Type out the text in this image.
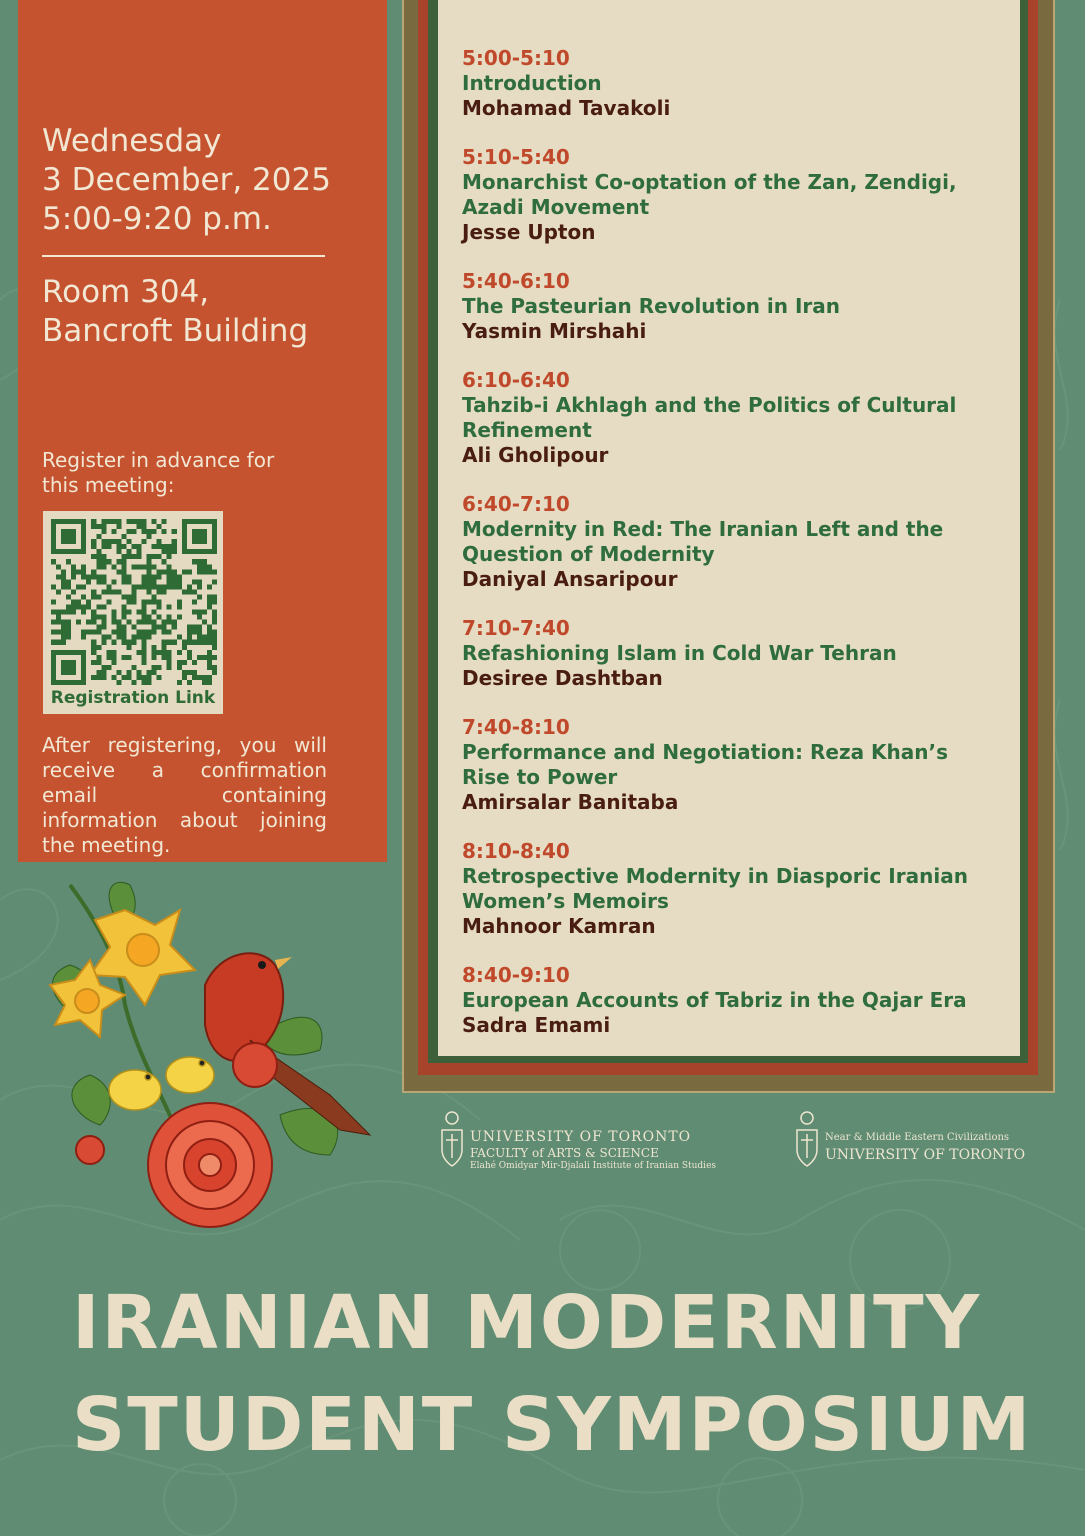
Wednesday
3 December, 2025
5:00-9:20 p.m.
Room 304,
Bancroft Building
Register in advance for this meeting:
Registration Link
After registering, you will receive a confirmation email containing information about joining the meeting.
5:00-5:10
Introduction
Mohamad Tavakoli
5:10-5:40
Monarchist Co-optation of the Zan, Zendigi, Azadi Movement
Jesse Upton
5:40-6:10
The Pasteurian Revolution in Iran
Yasmin Mirshahi
6:10-6:40
Tahzib-i Akhlagh and the Politics of Cultural Refinement
Ali Gholipour
6:40-7:10
Modernity in Red: The Iranian Left and the Question of Modernity
Daniyal Ansaripour
7:10-7:40
Refashioning Islam in Cold War Tehran
Desiree Dashtban
7:40-8:10
Performance and Negotiation: Reza Khan’s Rise to Power
Amirsalar Banitaba
8:10-8:40
Retrospective Modernity in Diasporic Iranian Women’s Memoirs
Mahnoor Kamran
8:40-9:10
European Accounts of Tabriz in the Qajar Era
Sadra Emami
UNIVERSITY OF TORONTO
FACULTY of ARTS & SCIENCE
Elahé Omidyar Mir-Djalali Institute of Iranian Studies
Near & Middle Eastern Civilizations
UNIVERSITY OF TORONTO
IRANIAN MODERNITY
STUDENT SYMPOSIUM
